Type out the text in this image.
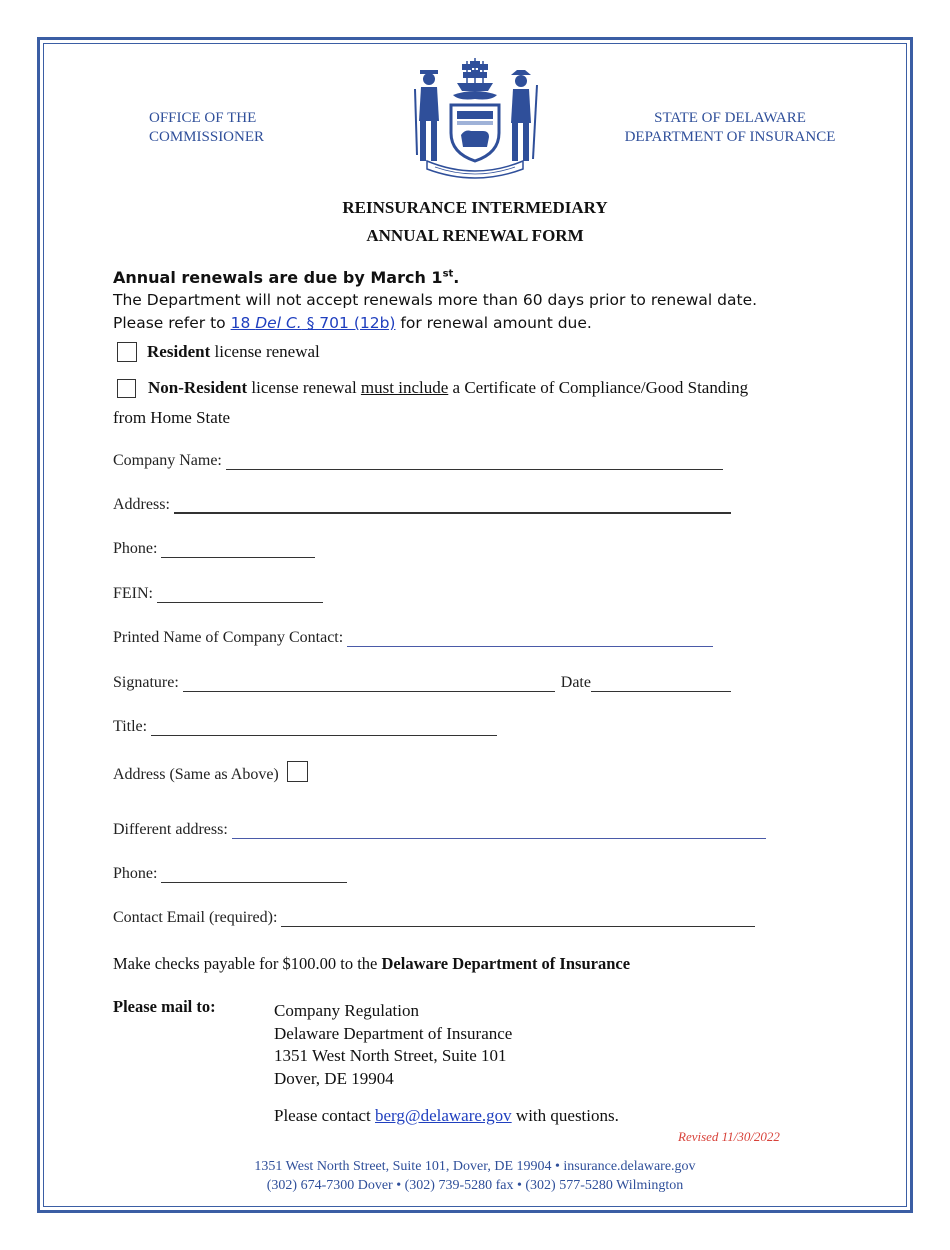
OFFICE OF THE
COMMISSIONER
STATE OF DELAWARE
DEPARTMENT OF INSURANCE
REINSURANCE INTERMEDIARY
ANNUAL RENEWAL FORM
Annual renewals are due by March 1st.
The Department will not accept renewals more than 60 days prior to renewal date.
Please refer to 18 Del C. § 701 (12b) for renewal amount due.
Resident license renewal
Non-Resident license renewal must include a Certificate of Compliance/Good Standing
from Home State
Company Name:
Address:
Phone:
FEIN:
Printed Name of Company Contact:
Signature:	Date
Title:
Address (Same as Above)
Different address:
Phone:
Contact Email (required):
Make checks payable for $100.00 to the Delaware Department of Insurance
Please mail to:	Company Regulation
Delaware Department of Insurance
1351 West North Street, Suite 101
Dover, DE 19904
Please contact berg@delaware.gov with questions.
Revised 11/30/2022
1351 West North Street, Suite 101, Dover, DE 19904 • insurance.delaware.gov
(302) 674-7300 Dover • (302) 739-5280 fax • (302) 577-5280 Wilmington
